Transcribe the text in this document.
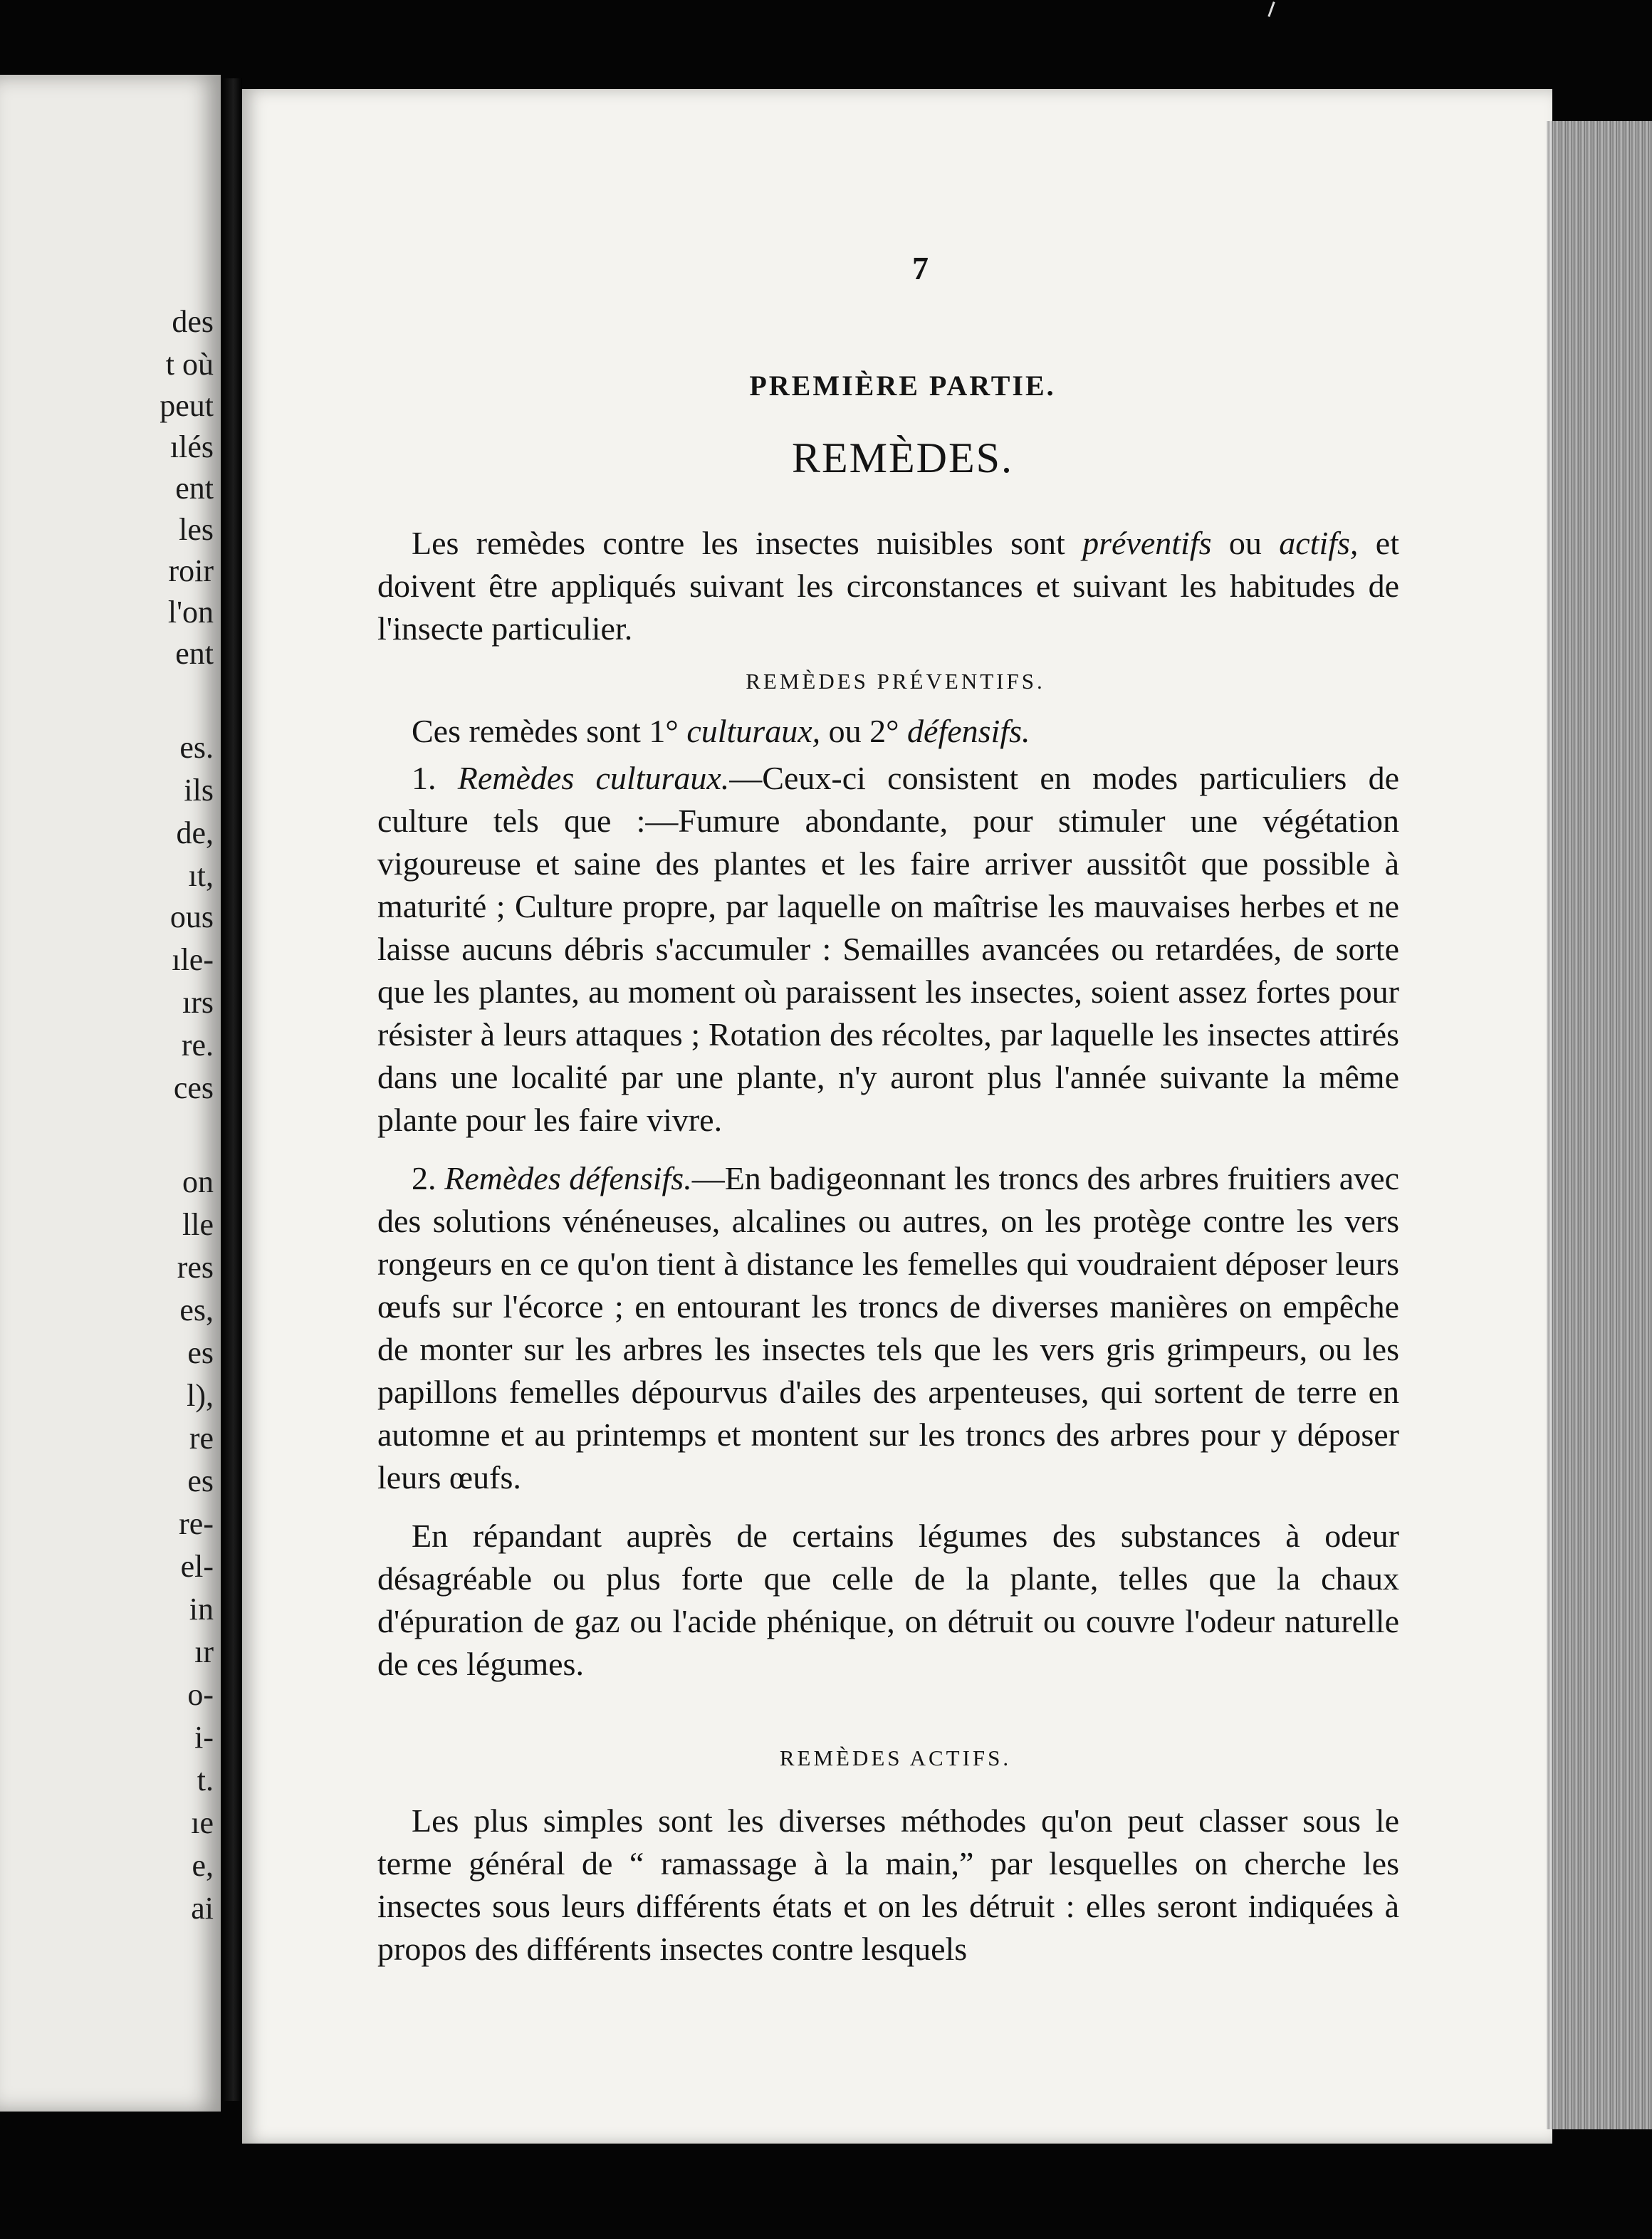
des
t où
peut
ılés
ent
les
roir
l'on
ent
es.
ils
de,
ıt,
ous
ıle-
ırs
re.
ces
on
lle
res
es,
es
l),
re
es
re-
el-
in
ır
o-
i-
t.
ıe
e,
ai
7
PREMIÈRE PARTIE.
REMÈDES.

Les remèdes contre les insectes nuisibles sont préventifs ou actifs, et doivent être appliqués suivant les circonstances et suivant les habitudes de l'insecte particulier.

REMÈDES PRÉVENTIFS.

Ces remèdes sont 1° culturaux, ou 2° défensifs.

1. Remèdes culturaux.—Ceux-ci consistent en modes particuliers de culture tels que :—Fumure abondante, pour stimuler une végétation vigoureuse et saine des plantes et les faire arriver aussitôt que possible à maturité ; Culture propre, par laquelle on maîtrise les mauvaises herbes et ne laisse aucuns débris s'accumuler : Semailles avancées ou retardées, de sorte que les plantes, au moment où paraissent les insectes, soient assez fortes pour résister à leurs attaques ; Rotation des récoltes, par laquelle les insectes attirés dans une localité par une plante, n'y auront plus l'année suivante la même plante pour les faire vivre.

2. Remèdes défensifs.—En badigeonnant les troncs des arbres fruitiers avec des solutions vénéneuses, alcalines ou autres, on les protège contre les vers rongeurs en ce qu'on tient à distance les femelles qui voudraient déposer leurs œufs sur l'écorce ; en entourant les troncs de diverses manières on empêche de monter sur les arbres les insectes tels que les vers gris grimpeurs, ou les papillons femelles dépourvus d'ailes des arpenteuses, qui sortent de terre en automne et au printemps et montent sur les troncs des arbres pour y déposer leurs œufs.

En répandant auprès de certains légumes des substances à odeur désagréable ou plus forte que celle de la plante, telles que la chaux d'épuration de gaz ou l'acide phénique, on détruit ou couvre l'odeur naturelle de ces légumes.

REMÈDES ACTIFS.

Les plus simples sont les diverses méthodes qu'on peut classer sous le terme général de “ ramassage à la main,” par lesquelles on cherche les insectes sous leurs différents états et on les détruit : elles seront indiquées à propos des différents insectes contre lesquels
